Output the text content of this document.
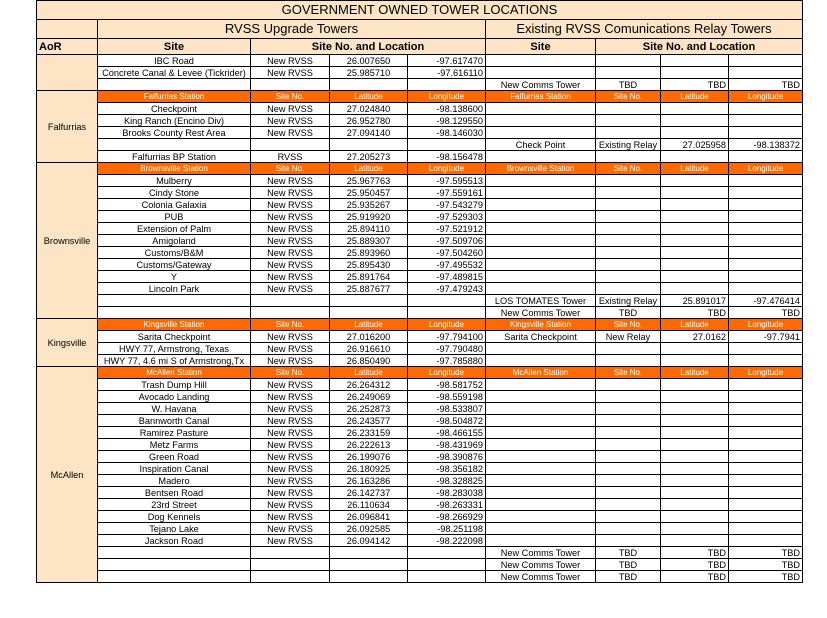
GOVERNMENT OWNED TOWER LOCATIONS								
	RVSS Upgrade Towers				Existing RVSS Comunications Relay Towers			
AoR	Site	Site No. and Location			Site	Site No. and Location		
	IBC Road	New RVSS	26.007650	-97.617470				
	Concrete Canal & Levee (Tickrider)	New RVSS	25.985710	-97.616110				
					New Comms Tower	TBD	TBD	TBD
Falfurrias	Falfurrias Station	Site No.	Latitude	Longitude	Falfurrias Station	Site No.	Latitude	Longitude
	Checkpoint	New RVSS	27.024840	-98.138600				
	King Ranch (Encino Div)	New RVSS	26.952780	-98.129550				
	Brooks County Rest Area	New RVSS	27.094140	-98.146030				
					Check Point	Existing Relay	27.025958	-98.138372
	Falfurrias BP Station	RVSS	27.205273	-98.156478				
Brownsville	Brownsville Station	Site No.	Latitude	Longitude	Brownsville Station	Site No.	Latitude	Longitude
	Mulberry	New RVSS	25.967763	-97.595513				
	Cindy Stone	New RVSS	25.950457	-97.559161				
	Colonia Galaxia	New RVSS	25.935267	-97.543279				
	PUB	New RVSS	25.919920	-97.529303				
	Extension of Palm	New RVSS	25.894110	-97.521912				
	Amigoland	New RVSS	25.889307	-97.509706				
	Customs/B&M	New RVSS	25.893960	-97.504260				
	Customs/Gateway	New RVSS	25.895430	-97.495532				
	Y	New RVSS	25.891764	-97.489815				
	Lincoln Park	New RVSS	25.887677	-97.479243				
					LOS TOMATES Tower	Existing Relay	25.891017	-97.476414
					New Comms Tower	TBD	TBD	TBD
Kingsville	Kingsville Station	Site No.	Latitude	Longitude	Kingsville Station	Site No.	Latitude	Longitude
	Sarita Checkpoint	New RVSS	27.016200	-97.794100	Sarita Checkpoint	New Relay	27.0162	-97.7941
	HWY 77, Armstrong, Texas	New RVSS	26.916610	-97.790480				
	HWY 77, 4.6 mi S of Armstrong,Tx	New RVSS	26.850490	-97.785880				
McAllen	McAllen Station	Site No.	Latitude	Longitude	McAllen Station	Site No.	Latitude	Longitude
	Trash Dump Hill	New RVSS	26.264312	-98.581752				
	Avocado Landing	New RVSS	26.249069	-98.559198				
	W. Havana	New RVSS	26.252873	-98.533807				
	Bannworth Canal	New RVSS	26.243577	-98.504872				
	Ramirez Pasture	New RVSS	26.233159	-98.466155				
	Metz Farms	New RVSS	26.222613	-98.431969				
	Green Road	New RVSS	26.199076	-98.390876				
	Inspiration Canal	New RVSS	26.180925	-98.356182				
	Madero	New RVSS	26.163286	-98.328825				
	Bentsen Road	New RVSS	26.142737	-98.283038				
	23rd Street	New RVSS	26.110634	-98.263331				
	Dog Kennels	New RVSS	26.096841	-98.266929				
	Tejano Lake	New RVSS	26.092585	-98.251198				
	Jackson Road	New RVSS	26.094142	-98.222098				
					New Comms Tower	TBD	TBD	TBD
					New Comms Tower	TBD	TBD	TBD
					New Comms Tower	TBD	TBD	TBD
